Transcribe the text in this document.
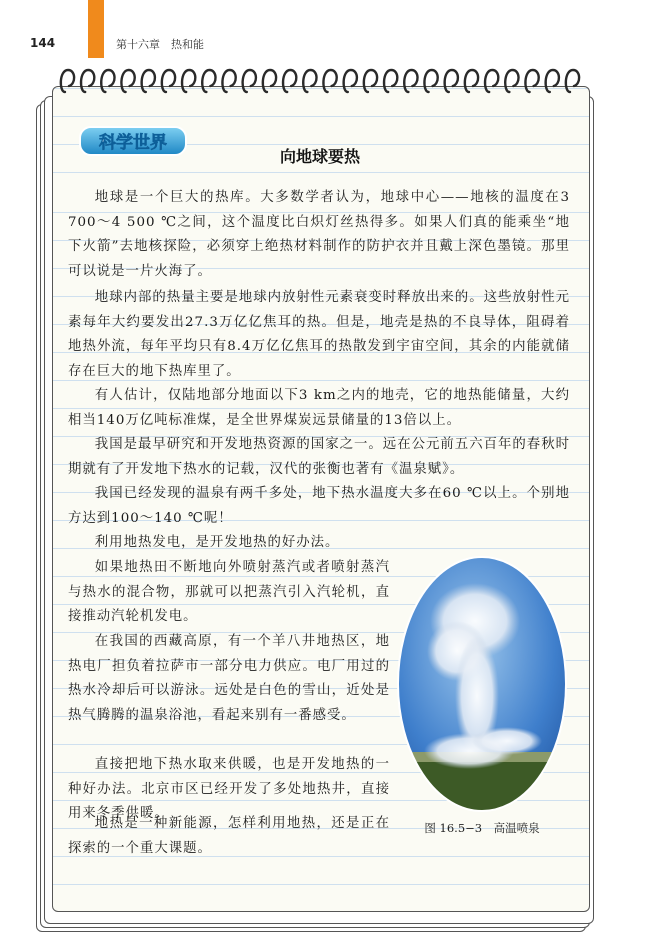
144	第十六章　热和能
科学世界
向地球要热

地球是一个巨大的热库。大多数学者认为，地球中心——地核的温度在3 700～4 500 ℃之间，这个温度比白炽灯丝热得多。如果人们真的能乘坐“地下火箭”去地核探险，必须穿上绝热材料制作的防护衣并且戴上深色墨镜。那里可以说是一片火海了。

地球内部的热量主要是地球内放射性元素衰变时释放出来的。这些放射性元素每年大约要发出27.3万亿亿焦耳的热。但是，地壳是热的不良导体，阻碍着地热外流，每年平均只有8.4万亿亿焦耳的热散发到宇宙空间，其余的内能就储存在巨大的地下热库里了。

有人估计，仅陆地部分地面以下3 km之内的地壳，它的地热能储量，大约相当140万亿吨标准煤，是全世界煤炭远景储量的13倍以上。

我国是最早研究和开发地热资源的国家之一。远在公元前五六百年的春秋时期就有了开发地下热水的记载，汉代的张衡也著有《温泉赋》。

我国已经发现的温泉有两千多处，地下热水温度大多在60 ℃以上。个别地方达到100～140 ℃呢！

利用地热发电，是开发地热的好办法。

如果地热田不断地向外喷射蒸汽或者喷射蒸汽与热水的混合物，那就可以把蒸汽引入汽轮机，直接推动汽轮机发电。

在我国的西藏高原，有一个羊八井地热区，地热电厂担负着拉萨市一部分电力供应。电厂用过的热水冷却后可以游泳。远处是白色的雪山，近处是热气腾腾的温泉浴池，看起来别有一番感受。

直接把地下热水取来供暖，也是开发地热的一种好办法。北京市区已经开发了多处地热井，直接用来冬季供暖。

地热是一种新能源，怎样利用地热，还是正在探索的一个重大课题。

图 16.5−3　高温喷泉
